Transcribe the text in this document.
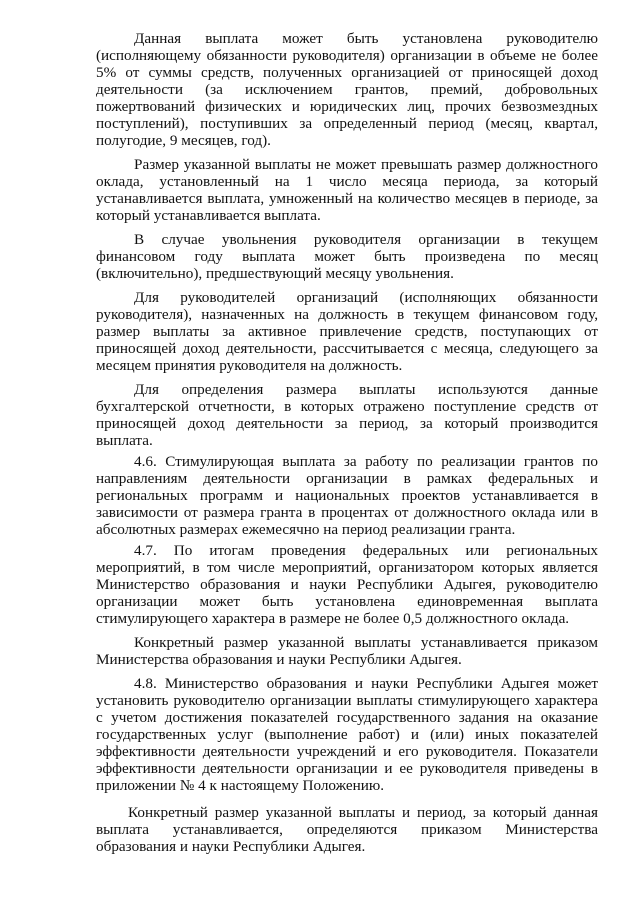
Данная выплата может быть установлена руководителю (исполняющему обязанности руководителя) организации в объеме не более 5% от суммы средств, полученных организацией от приносящей доход деятельности (за исключением грантов, премий, добровольных пожертвований физических и юридических лиц, прочих безвозмездных поступлений), поступивших за определенный период (месяц, квартал, полугодие, 9 месяцев, год).

Размер указанной выплаты не может превышать размер должностного оклада, установленный на 1 число месяца периода, за который устанавливается выплата, умноженный на количество месяцев в периоде, за который устанавливается выплата.

В случае увольнения руководителя организации в текущем финансовом году выплата может быть произведена по месяц (включительно), предшествующий месяцу увольнения.

Для руководителей организаций (исполняющих обязанности руководителя), назначенных на должность в текущем финансовом году, размер выплаты за активное привлечение средств, поступающих от приносящей доход деятельности, рассчитывается с месяца, следующего за месяцем принятия руководителя на должность.

Для определения размера выплаты используются данные бухгалтерской отчетности, в которых отражено поступление средств от приносящей доход деятельности за период, за который производится выплата.

4.6. Стимулирующая выплата за работу по реализации грантов по направлениям деятельности организации в рамках федеральных и региональных программ и национальных проектов устанавливается в зависимости от размера гранта в процентах от должностного оклада или в абсолютных размерах ежемесячно на период реализации гранта.

4.7. По итогам проведения федеральных или региональных мероприятий, в том числе мероприятий, организатором которых является Министерство образования и науки Республики Адыгея, руководителю организации может быть установлена единовременная выплата стимулирующего характера в размере не более 0,5 должностного оклада.

Конкретный размер указанной выплаты устанавливается приказом Министерства образования и науки Республики Адыгея.

4.8. Министерство образования и науки Республики Адыгея может установить руководителю организации выплаты стимулирующего характера с учетом достижения показателей государственного задания на оказание государственных услуг (выполнение работ) и (или) иных показателей эффективности деятельности учреждений и его руководителя. Показатели эффективности деятельности организации и ее руководителя приведены в приложении № 4 к настоящему Положению.

Конкретный размер указанной выплаты и период, за который данная выплата устанавливается, определяются приказом Министерства образования и науки Республики Адыгея.
